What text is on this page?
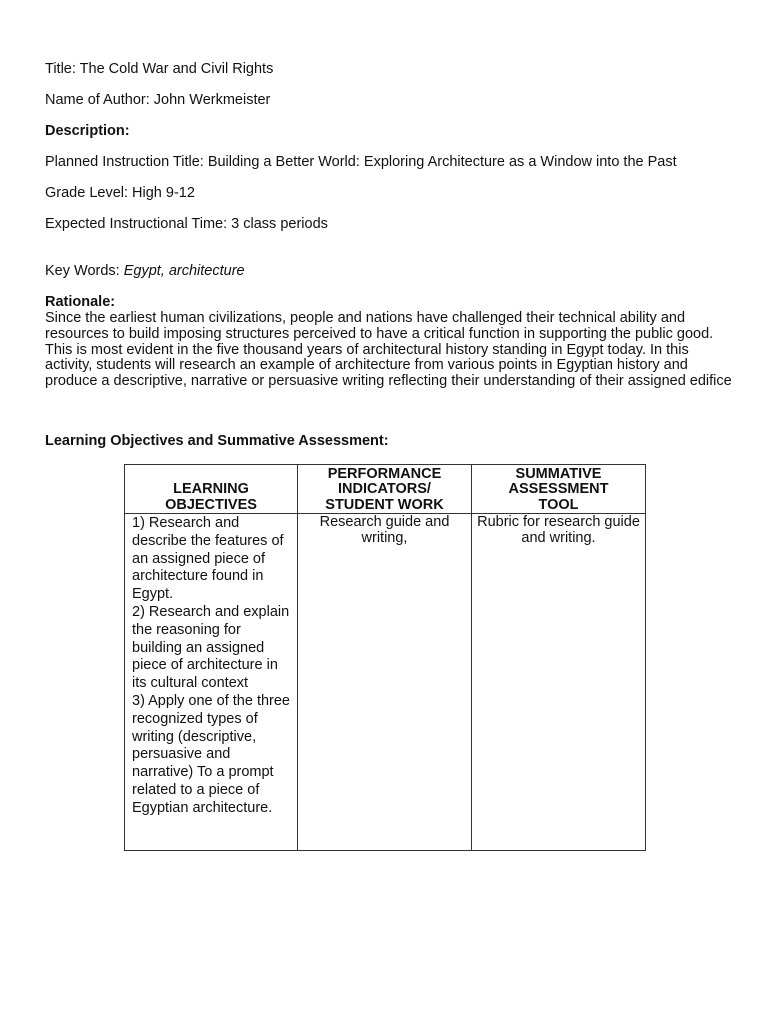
Title: The Cold War and Civil Rights
Name of Author: John Werkmeister
Description:
Planned Instruction Title: Building a Better World: Exploring Architecture as a Window into the Past
Grade Level: High 9-12
Expected Instructional Time: 3 class periods
Key Words: Egypt, architecture
Rationale:
Since the earliest human civilizations, people and nations have challenged their technical ability and resources to build imposing structures perceived to have a critical function in supporting the public good. This is most evident in the five thousand years of architectural history standing in Egypt today. In this activity, students will research an example of architecture from various points in Egyptian history and produce a descriptive, narrative or persuasive writing reflecting their understanding of their assigned edifice
Learning Objectives and Summative Assessment:
LEARNING
OBJECTIVES	PERFORMANCE
INDICATORS/
STUDENT WORK	SUMMATIVE
ASSESSMENT
TOOL

1) Research and describe the features of an assigned piece of architecture found in Egypt.
2) Research and explain the reasoning for building an assigned piece of architecture in its cultural context
3) Apply one of the three recognized types of writing (descriptive, persuasive and narrative) To a prompt related to a piece of Egyptian architecture.	Research guide and writing,	Rubric for research guide and writing.
